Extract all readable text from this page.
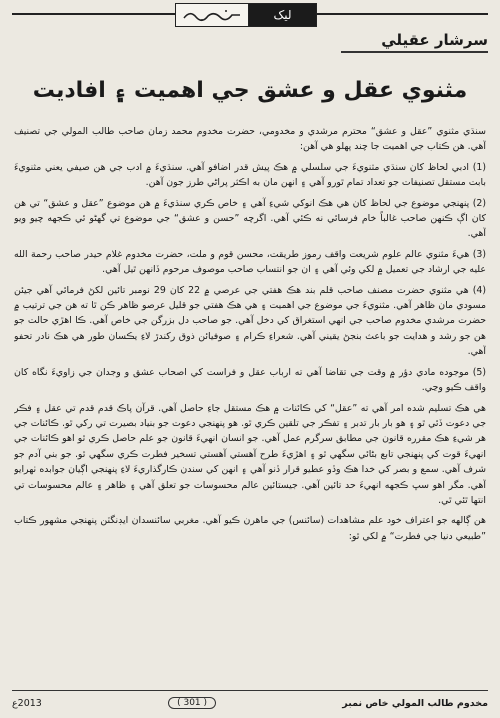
ليک
سرشار عقيلي
مثنوي عقل و عشق جي اهميت ۽ افاديت

سنڌي مثنوي ”عقل و عشق“ محترم مرشدي و مخدومي، حضرت مخدوم محمد زمان صاحب طالب المولي جي تصنيف آهي. هن ڪتاب جي اهميت جا چند پهلو هي آهن:

(1) ادبي لحاظ کان سنڌي مثنويءَ جي سلسلي ۾ هڪ پيش قدر اضافو آهي. سنڌيءَ ۾ ادب جي هن صيفي يعني مثنويءَ بابت مستقل تصنيفات جو تعداد تمام ٿورو آهي ۽ انهن مان به اڪثر پراڻي طرز جون آهن.

(2) پنهنجي موضوع جي لحاظ کان هي هڪ انوکي شيءِ آهي ۽ خاص ڪري سنڌيءَ ۾ هن موضوع ”عقل و عشق“ تي هن کان اڳ ڪنهن صاحب غالباً خام فرسائي نه ڪئي آهي. اگرچه ”حسن و عشق“ جي موضوع تي گهڻو ئي ڪجهه چيو ويو آهي.

(3) هيءَ مثنوي عالم علوم شريعت واقف رموز طريقت، محسن قوم و ملت، حضرت مخدوم غلام حيدر صاحب رحمة الله عليه جي ارشاد جي تعميل ۾ لکي وئي آهي ۽ ان جو انتساب صاحب موصوف مرحوم ڏانهن ٿيل آهي.

(4) هي مثنوي حضرت مصنف صاحب قلم بند هڪ هفتي جي عرصي ۾ 22 کان 29 نومبر تائين لکڻ فرمائي آهي جيئن مسودي مان ظاهر آهي. مثنويءَ جي موضوع جي اهميت ۽ هي هڪ هفتي جو قليل عرصو ظاهر ڪن ٿا ته هن جي ترتيب ۾ حضرت مرشدي مخدوم صاحب جي انهي استغراق کي دخل آهي. جو صاحب دل بزرگن جي خاص آهي. ڪا اهڙي حالت جو هن جو رشد و هدايت جو باعث بنجڻ يقيني آهي. شعراءِ ڪرام ۽ صوفيائن ذوق رکندڙ لاءِ يڪسان طور هي هڪ نادر تحفو آهي.

(5) موجوده مادي دؤر ۾ وقت جي تقاضا آهي ته ارباب عقل و فراست کي اصحاب عشق و وجدان جي زاويءَ نگاه کان واقف ڪيو وڃي.

هي هڪ تسليم شده امر آهي ته ”عقل“ کي ڪائنات ۾ هڪ مستقل جاءِ حاصل آهي. قرآن پاڪ قدم قدم تي عقل ۽ فڪر جي دعوت ڏئي ٿو ۽ هو بار بار تدبر ۽ تفڪر جي تلقين ڪري ٿو. هو پنهنجي دعوت جو بنياد بصيرت تي رکي ٿو. ڪائنات جي هر شيءِ هڪ مقرره قانون جي مطابق سرگرم عمل آهي. جو انسان انهيءَ قانون جو علم حاصل ڪري ٿو اهو ڪائنات جي انهيءَ قوت کي پنهنجي تابع بڻائي سگهي ٿو ۽ اهڙيءَ طرح آهستي آهستي تسخير فطرت ڪري سگهي ٿو. جو بني آدم جو شرف آهي. سمع و بصر کي خدا هڪ وڏو عطيو قرار ڏنو آهي ۽ انهن کي سندن ڪارگذاريءَ لاءِ پنهنجي اڳيان جوابده ٺهرايو آهي. مگر اهو سڀ ڪجهه انهيءَ حد تائين آهي. جيستائين عالم محسوسات جو تعلق آهي ۽ ظاهر ۽ عالم محسوسات تي انتها ٿئي ٿي.

هن ڳالهه جو اعتراف خود علم مشاهدات (سائنس) جي ماهرن ڪيو آهي. مغربي سائنسدان ايڊنگٽن پنهنجي مشهور ڪتاب ”طبيعي دنيا جي فطرت“ ۾ لکي ٿو:

2013ع	( 301 )	مخدوم طالب المولي خاص نمبر
